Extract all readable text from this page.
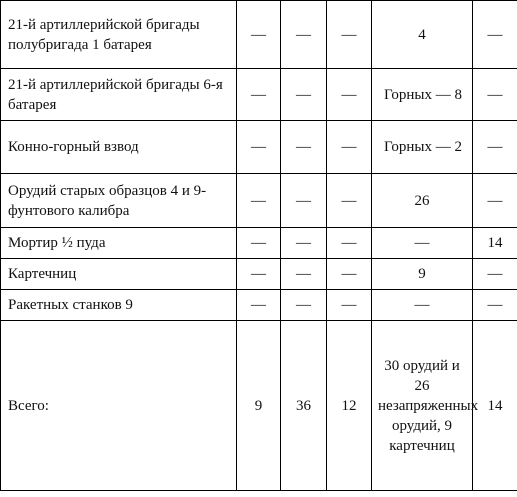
21-й артиллерийской бригады полубригада 1 батарея	—	—	—	4	—
21-й артиллерийской бригады 6-я батарея	—	—	—	Горных — 8	—
Конно-горный взвод	—	—	—	Горных — 2	—
Орудий старых образцов 4 и 9-фунтового калибра	—	—	—	26	—
Мортир ½ пуда	—	—	—	—	14
Картечниц	—	—	—	9	—
Ракетных станков 9	—	—	—	—	—
Всего:	9	36	12	30 орудий и 26 незапряженных орудий, 9 картечниц	14
